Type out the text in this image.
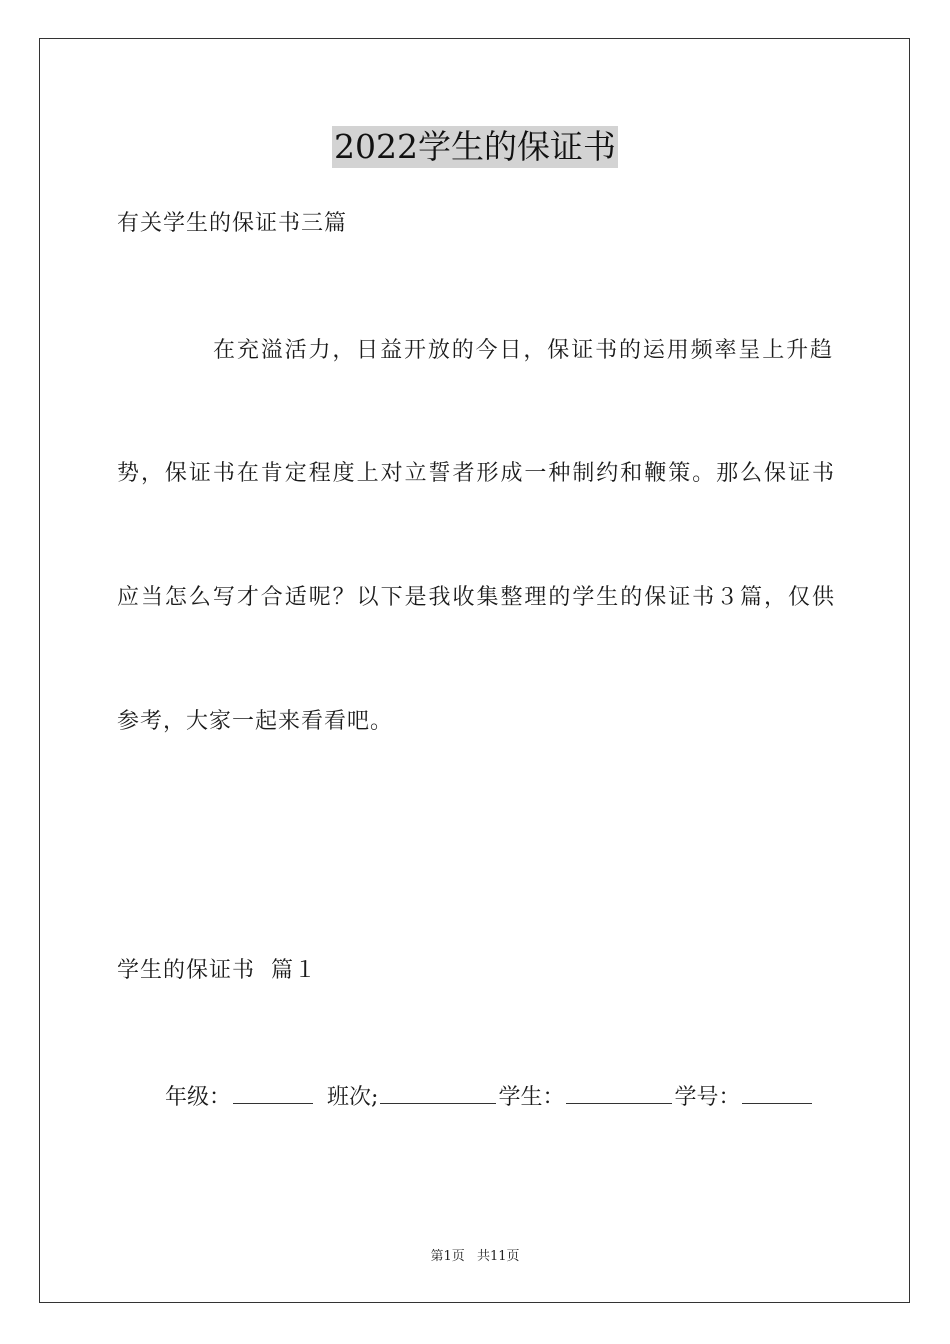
2022学生的保证书
有关学生的保证书三篇
在充溢活力，日益开放的今日，保证书的运用频率呈上升趋
势，保证书在肯定程度上对立誓者形成一种制约和鞭策。那么保证书
应当怎么写才合适呢？以下是我收集整理的学生的保证书３篇，仅供
参考，大家一起来看看吧。
学生的保证书  篇１
年级：	班次;	学生：	学号：
第1页 共11页
